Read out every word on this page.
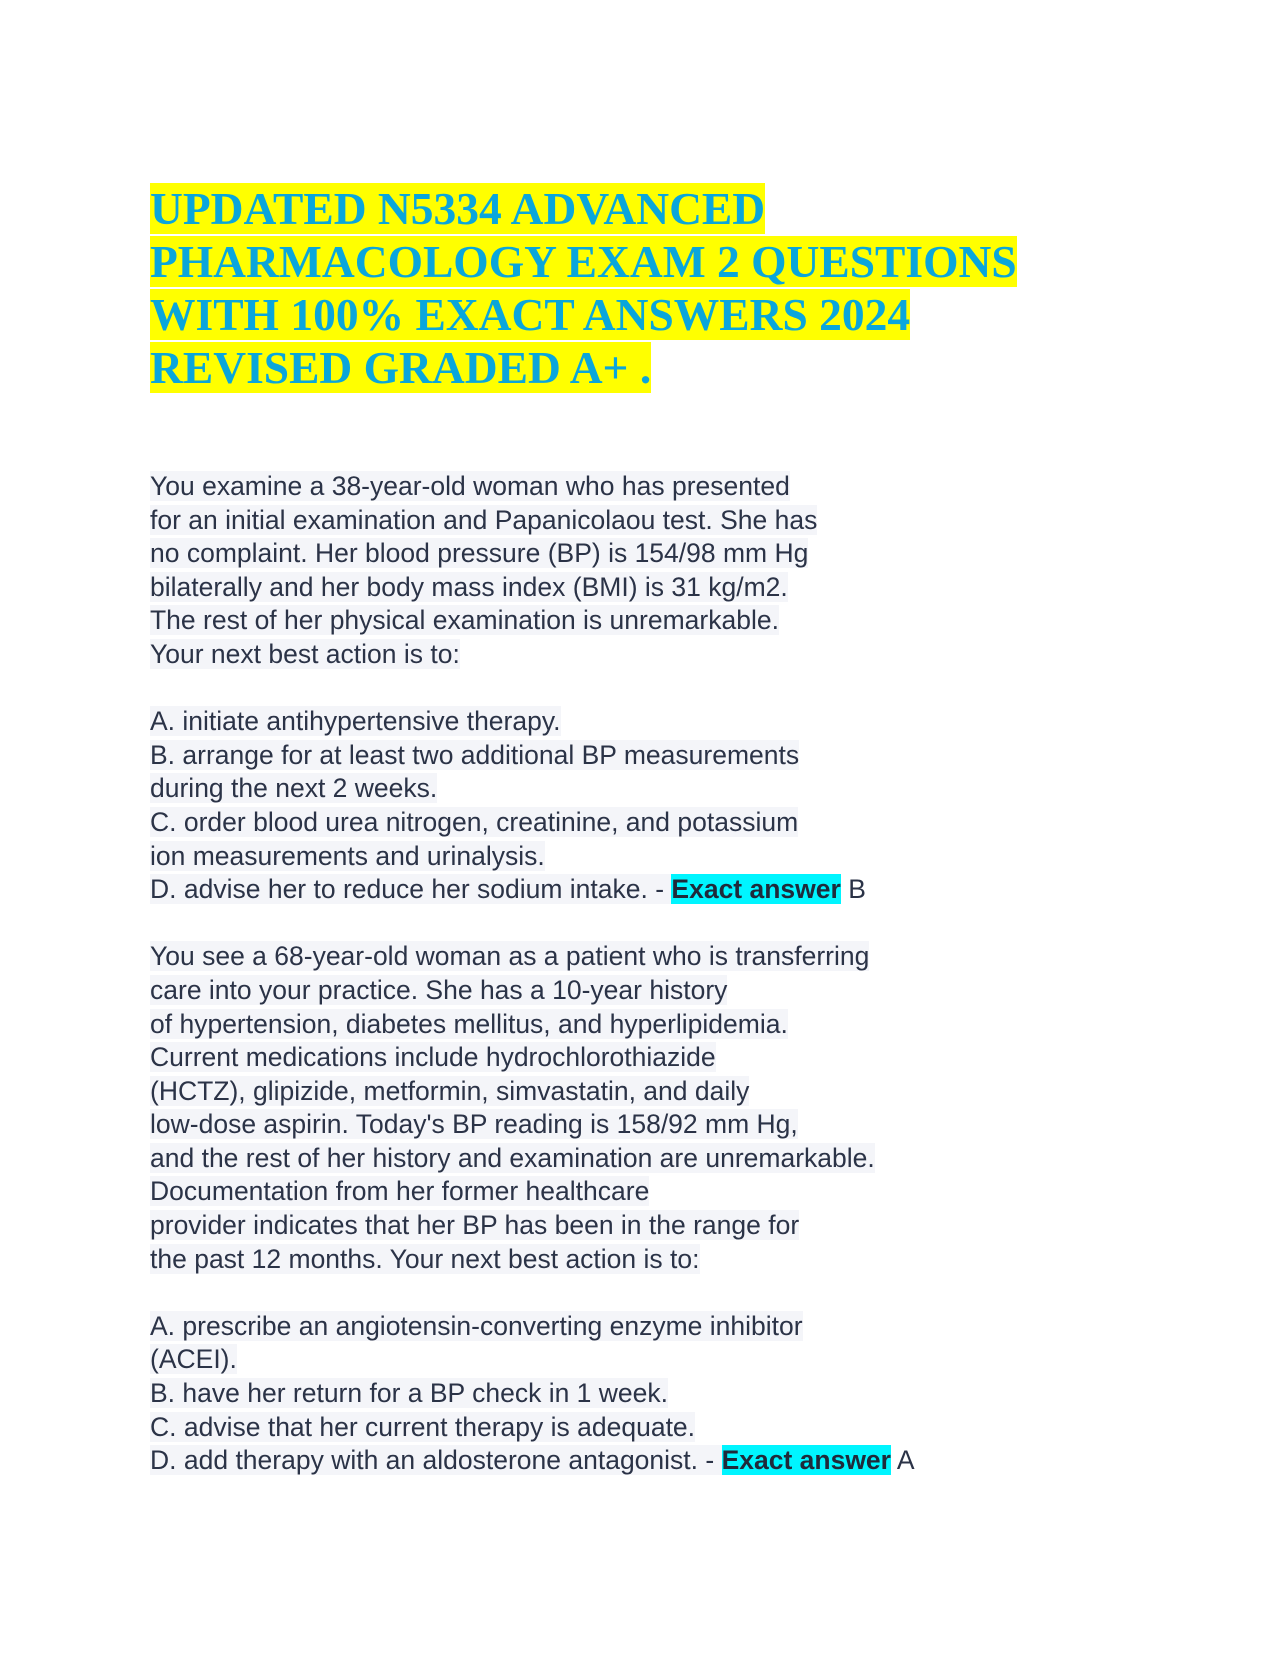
UPDATED N5334 ADVANCED
PHARMACOLOGY EXAM 2 QUESTIONS
WITH 100% EXACT ANSWERS 2024
REVISED GRADED A+ .
You examine a 38-year-old woman who has presented
for an initial examination and Papanicolaou test. She has
no complaint. Her blood pressure (BP) is 154/98 mm Hg
bilaterally and her body mass index (BMI) is 31 kg/m2.
The rest of her physical examination is unremarkable.
Your next best action is to:
A. initiate antihypertensive therapy.
B. arrange for at least two additional BP measurements
during the next 2 weeks.
C. order blood urea nitrogen, creatinine, and potassium
ion measurements and urinalysis.
D. advise her to reduce her sodium intake. - Exact answer B
You see a 68-year-old woman as a patient who is transferring
care into your practice. She has a 10-year history
of hypertension, diabetes mellitus, and hyperlipidemia.
Current medications include hydrochlorothiazide
(HCTZ), glipizide, metformin, simvastatin, and daily
low-dose aspirin. Today's BP reading is 158/92 mm Hg,
and the rest of her history and examination are unremarkable.
Documentation from her former healthcare
provider indicates that her BP has been in the range for
the past 12 months. Your next best action is to:
A. prescribe an angiotensin-converting enzyme inhibitor
(ACEI).
B. have her return for a BP check in 1 week.
C. advise that her current therapy is adequate.
D. add therapy with an aldosterone antagonist. - Exact answer A
